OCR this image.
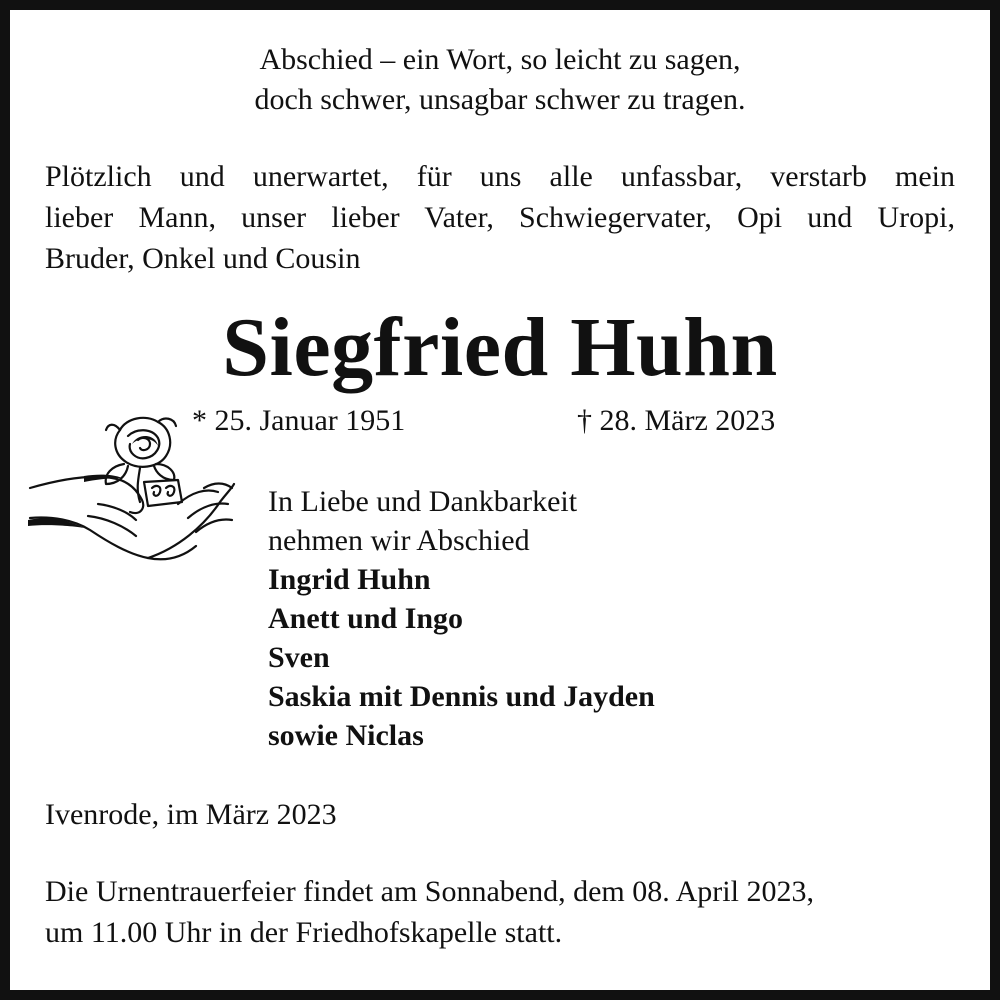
Abschied – ein Wort, so leicht zu sagen,
doch schwer, unsagbar schwer zu tragen.
Plötzlich und unerwartet, für uns alle unfassbar, verstarb mein
lieber Mann, unser lieber Vater, Schwiegervater, Opi und Uropi,
Bruder, Onkel und Cousin
Siegfried Huhn
* 25. Januar 1951	† 28. März 2023
In Liebe und Dankbarkeit
nehmen wir Abschied
Ingrid Huhn
Anett und Ingo
Sven
Saskia mit Dennis und Jayden
sowie Niclas
Ivenrode, im März 2023
Die Urnentrauerfeier findet am Sonnabend, dem 08. April 2023,
um 11.00 Uhr in der Friedhofskapelle statt.
